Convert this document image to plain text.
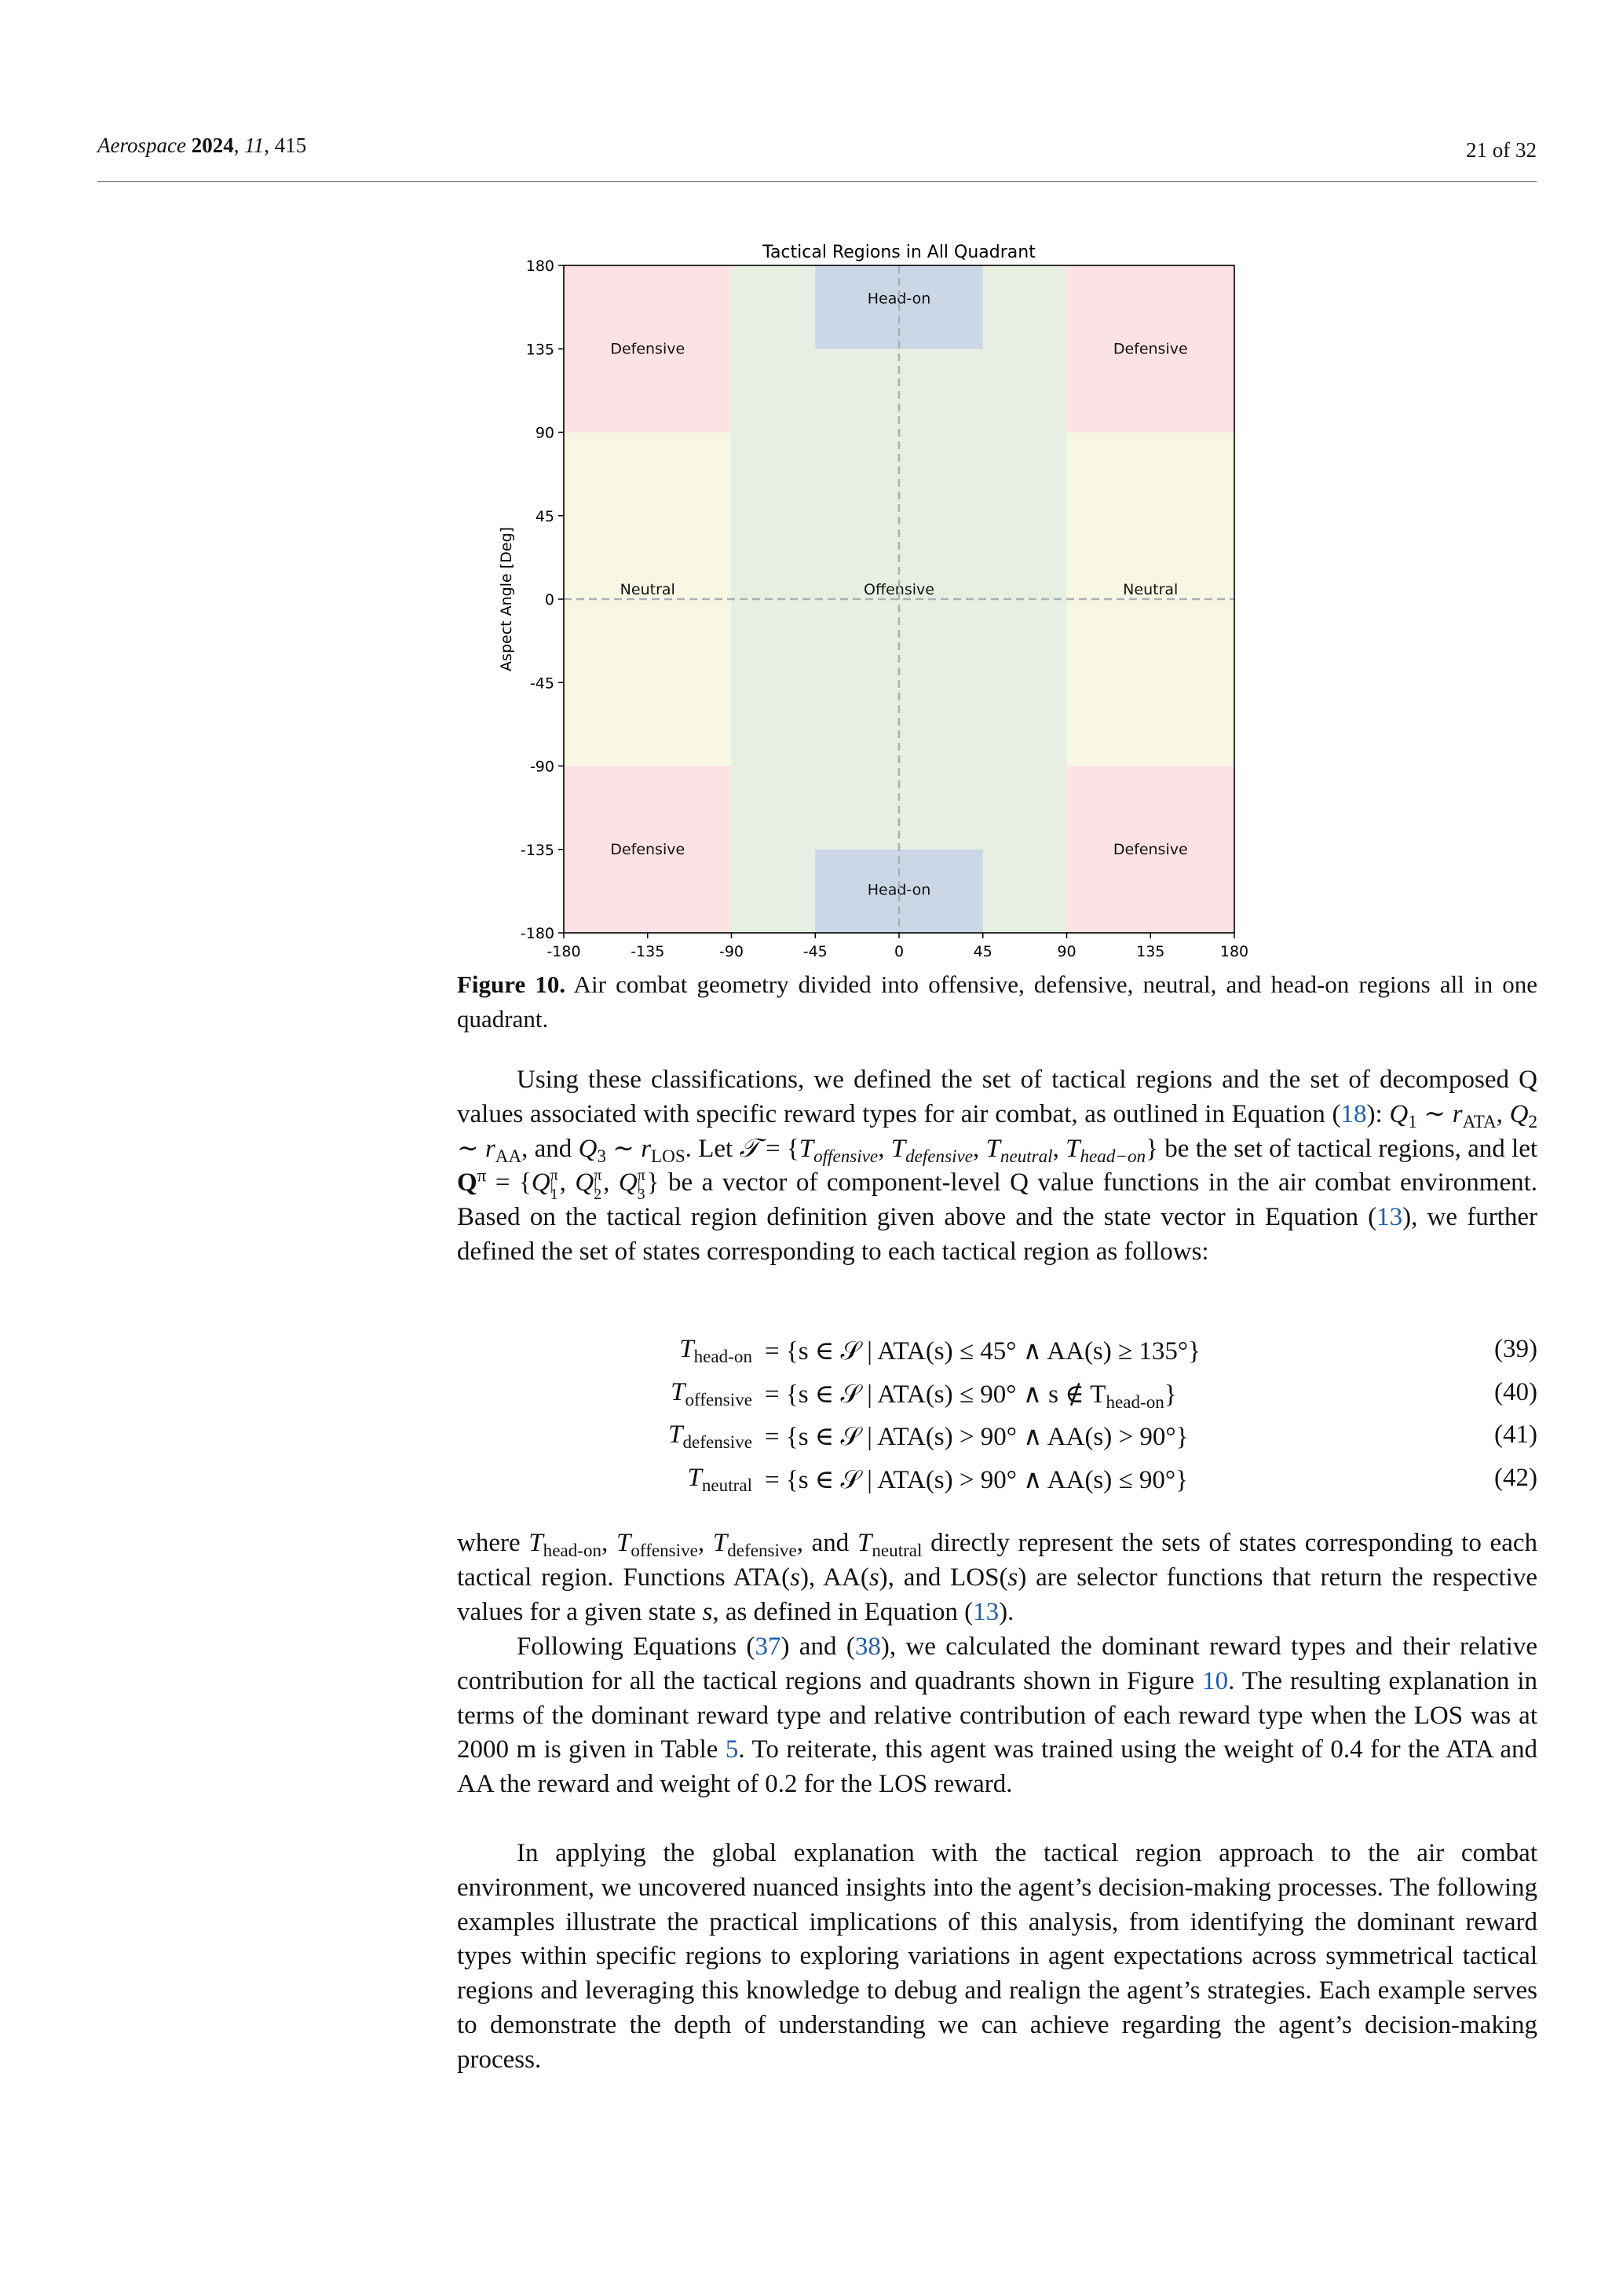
Aerospace 2024, 11, 415	21 of 32
Offensive
Head-on
Head-on
Defensive	Defensive
Defensive	Defensive
Neutral	Neutral
-180	-135	-90	-45	0	45	90	135	180
180
135
90
45
0
-45
-90
-135
-180
Tactical Regions in All Quadrant
Aspect Angle [Deg]
Figure 10. Air combat geometry divided into offensive, defensive, neutral, and head-on regions all in one quadrant.
Using these classifications, we defined the set of tactical regions and the set of decomposed Q values associated with specific reward types for air combat, as outlined in Equation (18): $Q_1$ ∼ $r_{ATA}$, $Q_2$ ∼ $r_{AA}$, and $Q_3$ ∼ $r_{LOS}$. Let 𝒯 = {$T_{offensive}$, $T_{defensive}$, $T_{neutral}$, $T_{head-on}$} be the set of tactical regions, and let $Q^\pi = \{Q\pi|1$, Qπ|2, Qπ|3} be a vector of component-level Q value functions in the air combat environment. Based on the tactical region definition given above and the state vector in Equation (13), we further defined the set of states corresponding to each tactical region as follows:
$T_{head-on} = \{s$ ∈ 𝒮 | ATA(s) ≤ 45° ∧ AA(s) ≥ 135°}	(39)
$T_{offensive} = \{s$ ∈ 𝒮 | ATA(s) ≤ 90° ∧ s ∉ $T_{head-on}$}	(40)
$T_{defensive} = \{s$ ∈ 𝒮 | ATA(s) > 90° ∧ AA(s) > 90°}	(41)
$T_{neutral} = \{s$ ∈ 𝒮 | ATA(s) > 90° ∧ AA(s) ≤ 90°}	(42)
where $T_{head-on}$, $T_{offensive}$, $T_{defensive}$, and $T_{neutral}$ directly represent the sets of states corresponding to each tactical region. Functions ATA(s), AA(s), and LOS(s) are selector functions that return the respective values for a given state s, as defined in Equation (13).
Following Equations (37) and (38), we calculated the dominant reward types and their relative contribution for all the tactical regions and quadrants shown in Figure 10. The resulting explanation in terms of the dominant reward type and relative contribution of each reward type when the LOS was at 2000 m is given in Table 5. To reiterate, this agent was trained using the weight of 0.4 for the ATA and AA the reward and weight of 0.2 for the LOS reward.
In applying the global explanation with the tactical region approach to the air combat environment, we uncovered nuanced insights into the agent’s decision-making processes. The following examples illustrate the practical implications of this analysis, from identifying the dominant reward types within specific regions to exploring variations in agent expectations across symmetrical tactical regions and leveraging this knowledge to debug and realign the agent’s strategies. Each example serves to demonstrate the depth of understanding we can achieve regarding the agent’s decision-making process.
